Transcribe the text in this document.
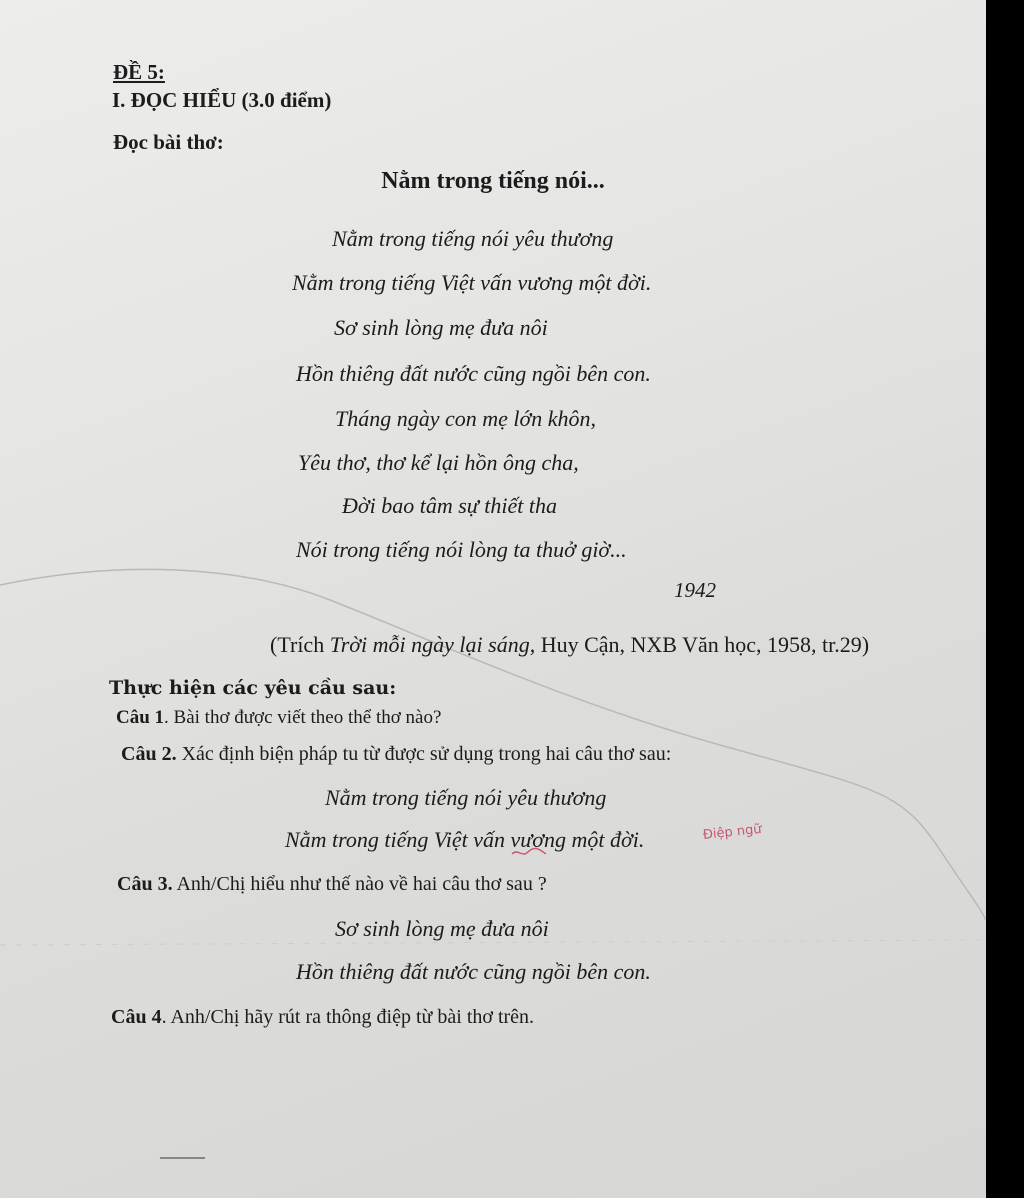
ĐỀ 5:
I. ĐỌC HIỂU (3.0 điểm)
Đọc bài thơ:
Nằm trong tiếng nói...
Nằm trong tiếng nói yêu thương
Nằm trong tiếng Việt vấn vương một đời.
Sơ sinh lòng mẹ đưa nôi
Hồn thiêng đất nước cũng ngồi bên con.
Tháng ngày con mẹ lớn khôn,
Yêu thơ, thơ kể lại hồn ông cha,
Đời bao tâm sự thiết tha
Nói trong tiếng nói lòng ta thuở giờ...
1942
(Trích Trời mỗi ngày lại sáng, Huy Cận, NXB Văn học, 1958, tr.29)
Thực hiện các yêu cầu sau:
Câu 1. Bài thơ được viết theo thể thơ nào?
Câu 2. Xác định biện pháp tu từ được sử dụng trong hai câu thơ sau:
Nằm trong tiếng nói yêu thương
Nằm trong tiếng Việt vấn vương một đời.	Điệp ngữ
Câu 3. Anh/Chị hiểu như thế nào về hai câu thơ sau ?
Sơ sinh lòng mẹ đưa nôi
Hồn thiêng đất nước cũng ngồi bên con.
Câu 4. Anh/Chị hãy rút ra thông điệp từ bài thơ trên.
